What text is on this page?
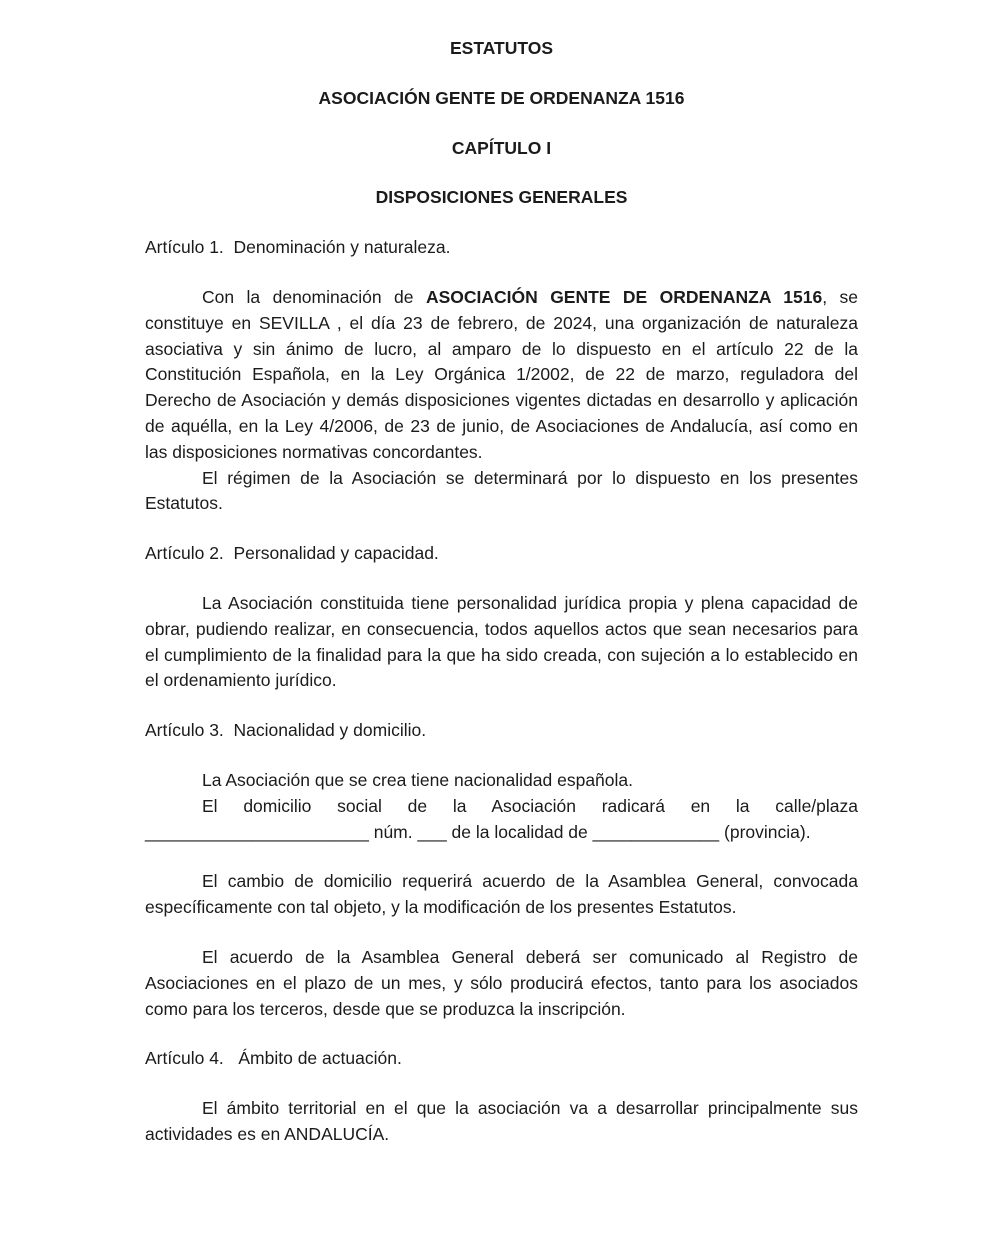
ESTATUTOS

ASOCIACIÓN GENTE DE ORDENANZA 1516

CAPÍTULO I

DISPOSICIONES GENERALES

Artículo 1.  Denominación y naturaleza.

Con la denominación de ASOCIACIÓN GENTE DE ORDENANZA 1516, se constituye en SEVILLA , el día 23 de febrero, de 2024, una organización de naturaleza asociativa y sin ánimo de lucro, al amparo de lo dispuesto en el artículo 22 de la Constitución Española, en la Ley Orgánica 1/2002, de 22 de marzo, reguladora del Derecho de Asociación y demás disposiciones vigentes dictadas en desarrollo y aplicación de aquélla, en la Ley 4/2006, de 23 de junio, de Asociaciones de Andalucía, así como en las disposiciones normativas concordantes.

El régimen de la Asociación se determinará por lo dispuesto en los presentes Estatutos.

Artículo 2.  Personalidad y capacidad.

La Asociación constituida tiene personalidad jurídica propia y plena capacidad de obrar, pudiendo realizar, en consecuencia, todos aquellos actos que sean necesarios para el cumplimiento de la finalidad para la que ha sido creada, con sujeción a lo establecido en el ordenamiento jurídico.

Artículo 3.  Nacionalidad y domicilio.

La Asociación que se crea tiene nacionalidad española.

El domicilio social de la Asociación radicará en la calle/plaza _______________________ núm. ___ de la localidad de _____________ (provincia).

El cambio de domicilio requerirá acuerdo de la Asamblea General, convocada específicamente con tal objeto, y la modificación de los presentes Estatutos.

El acuerdo de la Asamblea General deberá ser comunicado al Registro de Asociaciones en el plazo de un mes, y sólo producirá efectos, tanto para los asociados como para los terceros, desde que se produzca la inscripción.

Artículo 4.   Ámbito de actuación.

El ámbito territorial en el que la asociación va a desarrollar principalmente sus actividades es en ANDALUCÍA.
